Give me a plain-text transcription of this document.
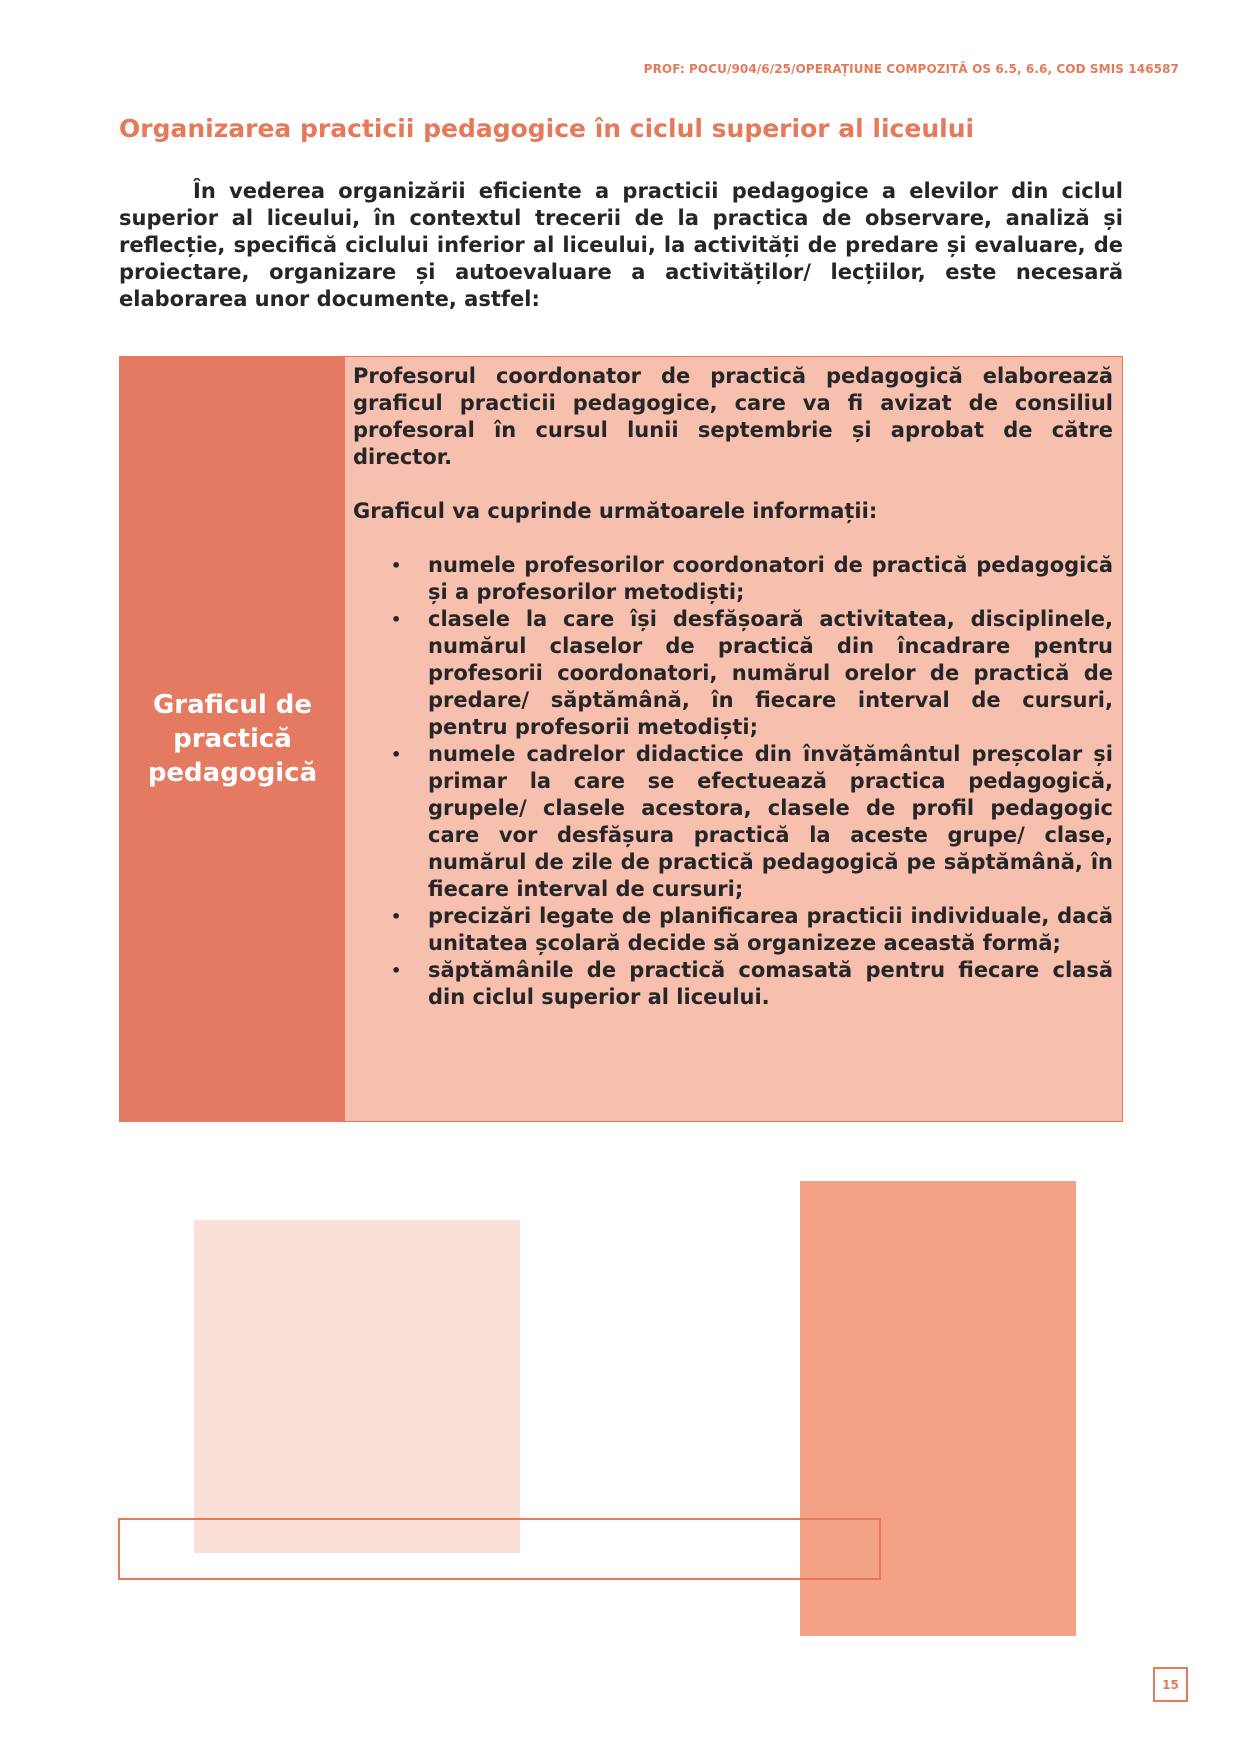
PROF: POCU/904/6/25/OPERAȚIUNE COMPOZITĂ OS 6.5, 6.6, COD SMIS 146587
Organizarea practicii pedagogice în ciclul superior al liceului

În vederea organizării eficiente a practicii pedagogice a elevilor din ciclul superior al liceului, în contextul trecerii de la practica de observare, analiză și reflecție, specifică ciclului inferior al liceului, la activități de predare și evaluare, de proiectare, organizare și autoevaluare a activităților/ lecțiilor, este necesară elaborarea unor documente, astfel:

Graficul de practică pedagogică

Profesorul coordonator de practică pedagogică elaborează graficul practicii pedagogice, care va fi avizat de consiliul profesoral în cursul lunii septembrie și aprobat de către director.

Graficul va cuprinde următoarele informații:

• numele profesorilor coordonatori de practică pedagogică și a profesorilor metodiști;
• clasele la care își desfășoară activitatea, disciplinele, numărul claselor de practică din încadrare pentru profesorii coordonatori, numărul orelor de practică de predare/ săptămână, în fiecare interval de cursuri, pentru profesorii metodiști;
• numele cadrelor didactice din învățământul preșcolar și primar la care se efectuează practica pedagogică, grupele/ clasele acestora, clasele de profil pedagogic care vor desfășura practică la aceste grupe/ clase, numărul de zile de practică pedagogică pe săptămână, în fiecare interval de cursuri;
• precizări legate de planificarea practicii individuale, dacă unitatea școlară decide să organizeze această formă;
• săptămânile de practică comasată pentru fiecare clasă din ciclul superior al liceului.
15
